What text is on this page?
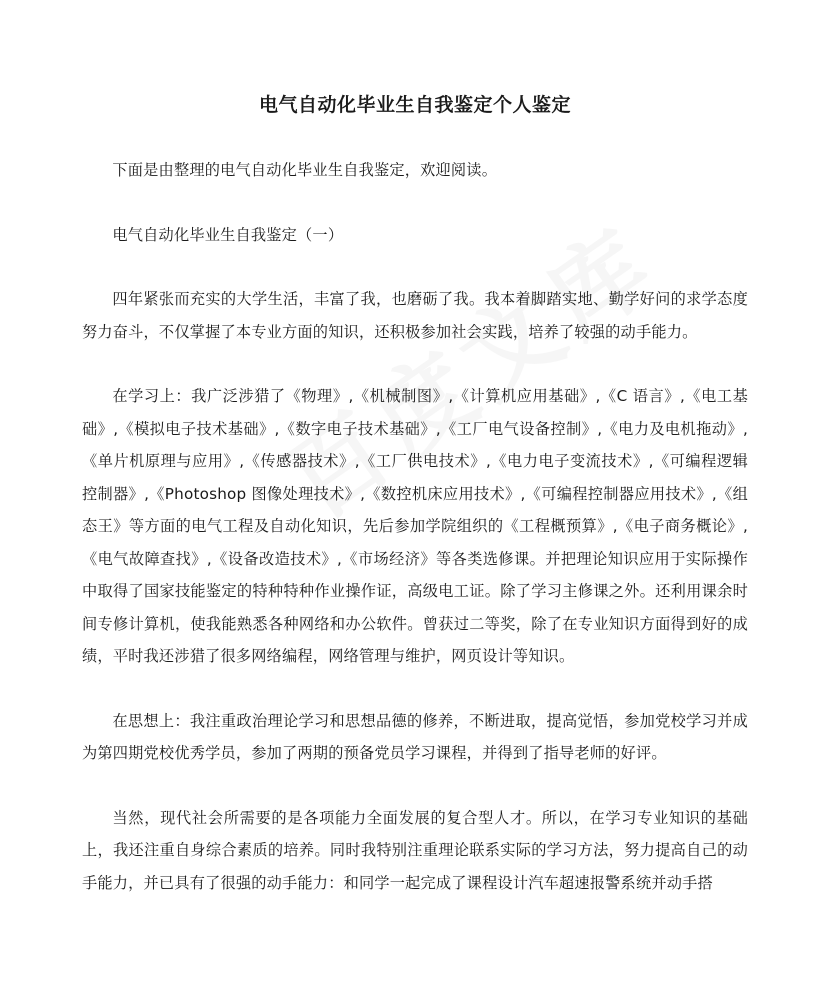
电气自动化毕业生自我鉴定个人鉴定

下面是由整理的电气自动化毕业生自我鉴定，欢迎阅读。

电气自动化毕业生自我鉴定（一）

四年紧张而充实的大学生活，丰富了我，也磨砺了我。我本着脚踏实地、勤学好问的求学态度努力奋斗，不仅掌握了本专业方面的知识，还积极参加社会实践，培养了较强的动手能力。

在学习上：我广泛涉猎了《物理》,《机械制图》,《计算机应用基础》,《C 语言》,《电工基础》,《模拟电子技术基础》,《数字电子技术基础》,《工厂电气设备控制》,《电力及电机拖动》,《单片机原理与应用》,《传感器技术》,《工厂供电技术》,《电力电子变流技术》,《可编程逻辑控制器》,《Photoshop 图像处理技术》,《数控机床应用技术》,《可编程控制器应用技术》,《组态王》等方面的电气工程及自动化知识，先后参加学院组织的《工程概预算》,《电子商务概论》,《电气故障查找》,《设备改造技术》,《市场经济》等各类选修课。并把理论知识应用于实际操作中取得了国家技能鉴定的特种特种作业操作证，高级电工证。除了学习主修课之外。还利用课余时间专修计算机，使我能熟悉各种网络和办公软件。曾获过二等奖，除了在专业知识方面得到好的成绩，平时我还涉猎了很多网络编程，网络管理与维护，网页设计等知识。

在思想上：我注重政治理论学习和思想品德的修养，不断进取，提高觉悟，参加党校学习并成为第四期党校优秀学员，参加了两期的预备党员学习课程，并得到了指导老师的好评。

当然，现代社会所需要的是各项能力全面发展的复合型人才。所以，在学习专业知识的基础上，我还注重自身综合素质的培养。同时我特别注重理论联系实际的学习方法，努力提高自己的动手能力，并已具有了很强的动手能力：和同学一起完成了课程设计汽车超速报警系统并动手搭
